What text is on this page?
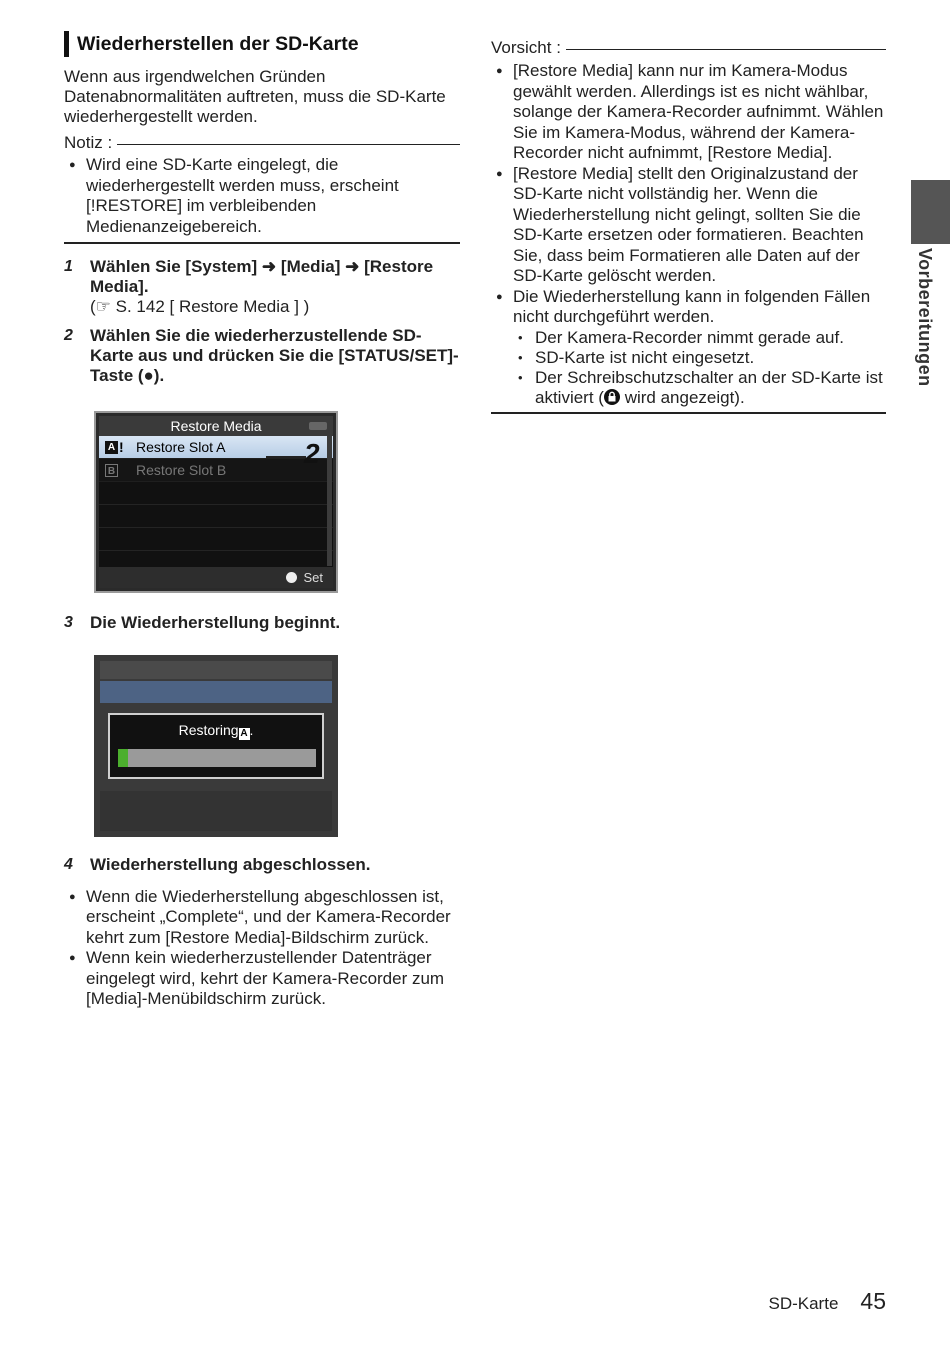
Wiederherstellen der SD-Karte

Wenn aus irgendwelchen Gründen Datenabnormalitäten auftreten, muss die SD-Karte wiederhergestellt werden.

Notiz :
● Wird eine SD-Karte eingelegt, die wiederhergestellt werden muss, erscheint [!RESTORE] im verbleibenden Medienanzeigebereich.
1 Wählen Sie [System] ➜ [Media] ➜ [Restore Media].
(☞ S. 142 [ Restore Media ] )
2 Wählen Sie die wiederherzustellende SD-Karte aus und drücken Sie die [STATUS/SET]-Taste (●).
Restore Media
A ! Restore Slot A
B Restore Slot B
Set
3 Die Wiederherstellung beginnt.
Restoring A .
4 Wiederherstellung abgeschlossen.
● Wenn die Wiederherstellung abgeschlossen ist, erscheint „Complete“, und der Kamera-Recorder kehrt zum [Restore Media]-Bildschirm zurück.
● Wenn kein wiederherzustellender Datenträger eingelegt wird, kehrt der Kamera-Recorder zum [Media]-Menübildschirm zurück.
2
Vorsicht :
● [Restore Media] kann nur im Kamera-Modus gewählt werden. Allerdings ist es nicht wählbar, solange der Kamera-Recorder aufnimmt. Wählen Sie im Kamera-Modus, während der Kamera-Recorder nicht aufnimmt, [Restore Media].
● [Restore Media] stellt den Originalzustand der SD-Karte nicht vollständig her. Wenn die Wiederherstellung nicht gelingt, sollten Sie die SD-Karte ersetzen oder formatieren. Beachten Sie, dass beim Formatieren alle Daten auf der SD-Karte gelöscht werden.
● Die Wiederherstellung kann in folgenden Fällen nicht durchgeführt werden.
• Der Kamera-Recorder nimmt gerade auf.
• SD-Karte ist nicht eingesetzt.
• Der Schreibschutzschalter an der SD-Karte ist aktiviert ( wird angezeigt).
Vorbereitungen
SD-Karte 45
